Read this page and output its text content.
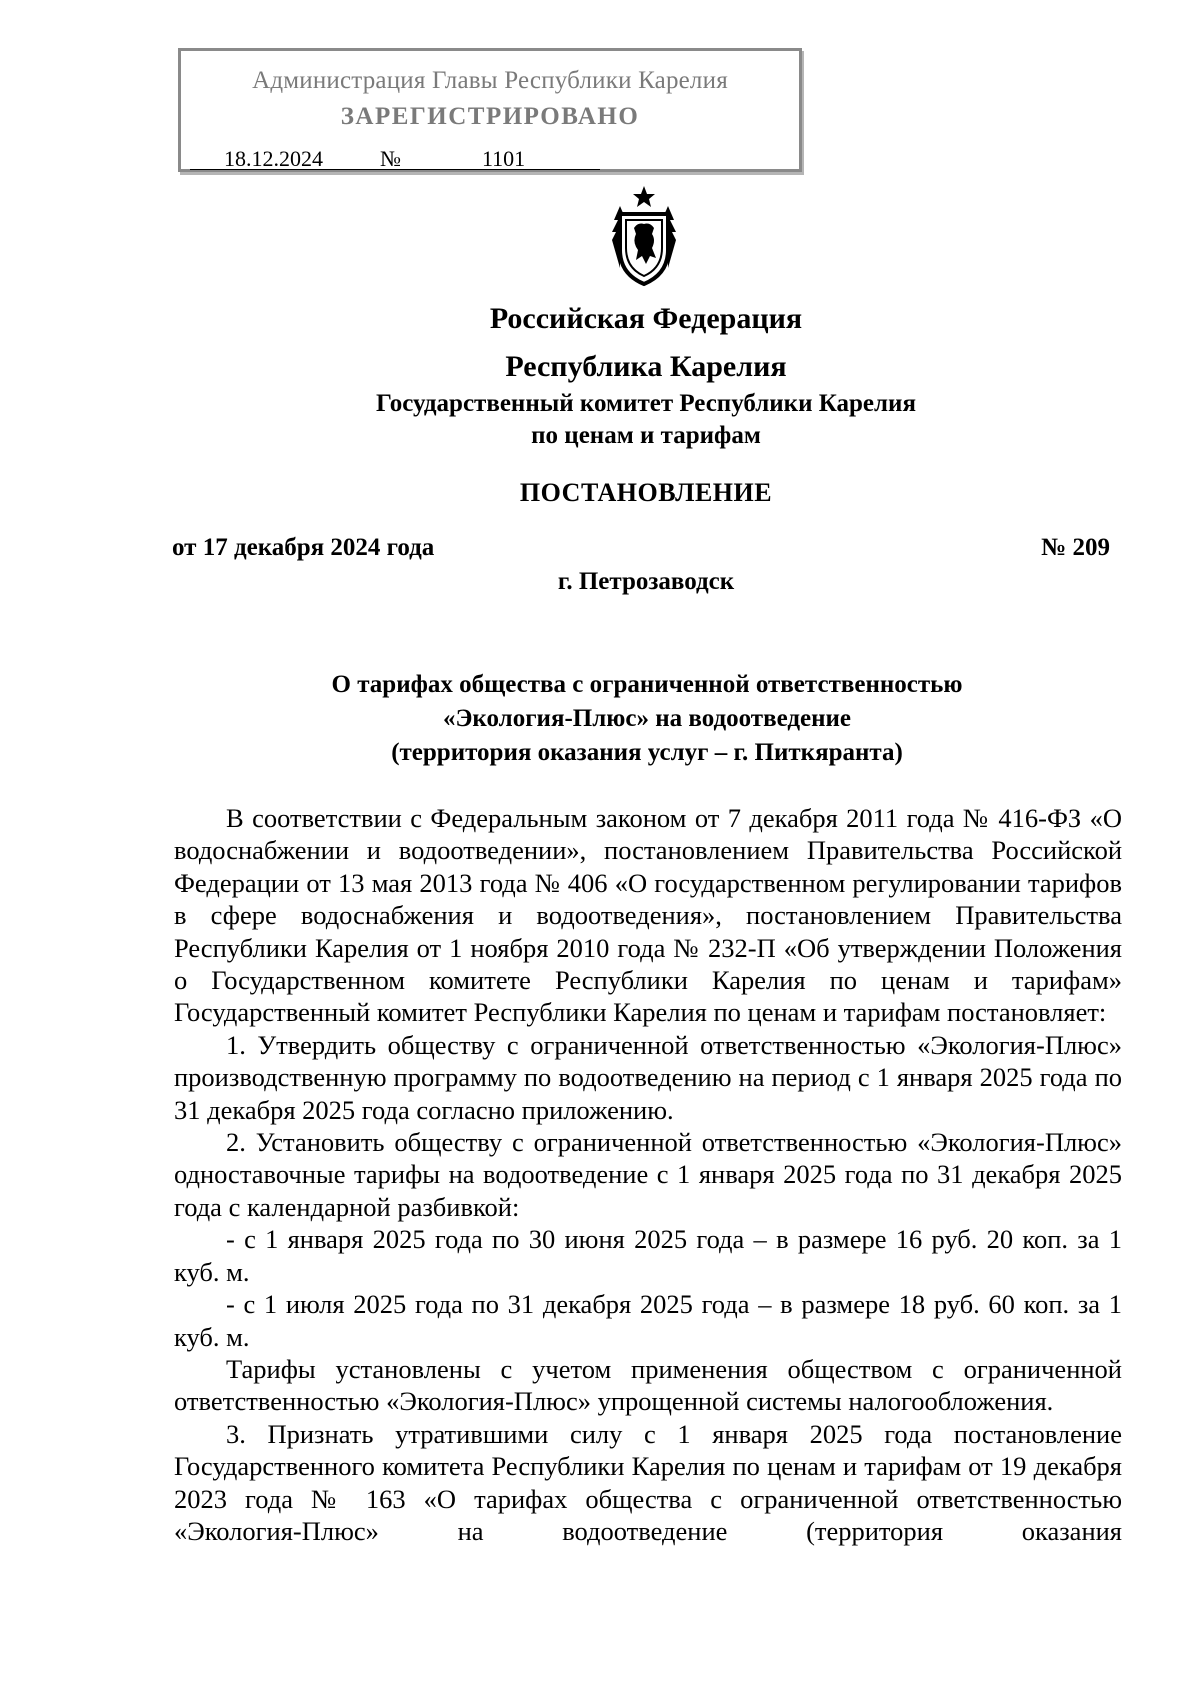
Администрация Главы Республики Карелия
ЗАРЕГИСТРИРОВАНО
18.12.2024	№	1101
Российская Федерация
Республика Карелия
Государственный комитет Республики Карелия
по ценам и тарифам
ПОСТАНОВЛЕНИЕ
от 17 декабря 2024 года	№ 209
г. Петрозаводск
О тарифах общества с ограниченной ответственностью
«Экология-Плюс» на водоотведение
(территория оказания услуг – г. Питкяранта)

В соответствии с Федеральным законом от 7 декабря 2011 года № 416-ФЗ «О водоснабжении и водоотведении», постановлением Правительства Российской Федерации от 13 мая 2013 года № 406 «О государственном регулировании тарифов в сфере водоснабжения и водоотведения», постановлением Правительства Республики Карелия от 1 ноября 2010 года № 232-П «Об утверждении Положения о Государственном комитете Республики Карелия по ценам и тарифам» Государственный комитет Республики Карелия по ценам и тарифам постановляет:

1. Утвердить обществу с ограниченной ответственностью «Экология-Плюс» производственную программу по водоотведению на период с 1 января 2025 года по 31 декабря 2025 года согласно приложению.

2. Установить обществу с ограниченной ответственностью «Экология-Плюс» одноставочные тарифы на водоотведение с 1 января 2025 года по 31 декабря 2025 года с календарной разбивкой:

- с 1 января 2025 года по 30 июня 2025 года – в размере 16 руб. 20 коп. за 1 куб. м.

- с 1 июля 2025 года по 31 декабря 2025 года – в размере 18 руб. 60 коп. за 1 куб. м.

Тарифы установлены с учетом применения обществом с ограниченной ответственностью «Экология-Плюс» упрощенной системы налогообложения.

3. Признать утратившими силу с 1 января 2025 года постановление Государственного комитета Республики Карелия по ценам и тарифам от 19 декабря 2023 года № 163 «О тарифах общества с ограниченной ответственностью «Экология-Плюс» на водоотведение (территория оказания
